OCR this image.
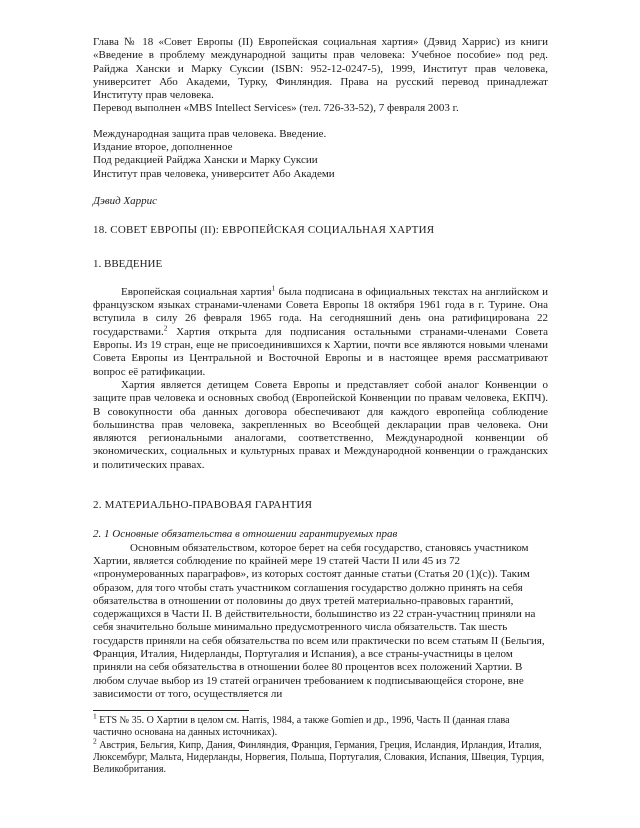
Глава № 18 «Совет Европы (II) Европейская социальная хартия» (Дэвид Харрис) из книги «Введение в проблему международной защиты прав человека: Учебное пособие» под ред. Райджа Хански и Марку Суксии (ISBN: 952-12-0247-5), 1999, Институт прав человека, университет Або Академи, Турку, Финляндия. Права на русский перевод принадлежат Институту прав человека.

Перевод выполнен «MBS Intellect Services» (тел. 726-33-52), 7 февраля 2003 г.

Международная защита прав человека. Введение.

Издание второе, дополненное

Под редакцией Райджа Хански и Марку Суксии

Институт прав человека, университет Або Академи

Дэвид Харрис

18. СОВЕТ ЕВРОПЫ (II): ЕВРОПЕЙСКАЯ СОЦИАЛЬНАЯ ХАРТИЯ

1. ВВЕДЕНИЕ

Европейская социальная хартия$^1$ была подписана в официальных текстах на английском и французском языках странами-членами Совета Европы 18 октября 1961 года в г. Турине. Она вступила в силу 26 февраля 1965 года. На сегодняшний день она ратифицирована 22 государствами.$^2$ Хартия открыта для подписания остальными странами-членами Совета Европы. Из 19 стран, еще не присоединившихся к Хартии, почти все являются новыми членами Совета Европы из Центральной и Восточной Европы и в настоящее время рассматривают вопрос её ратификации.

Хартия является детищем Совета Европы и представляет собой аналог Конвенции о защите прав человека и основных свобод (Европейской Конвенции по правам человека, ЕКПЧ). В совокупности оба данных договора обеспечивают для каждого европейца соблюдение большинства прав человека, закрепленных во Всеобщей декларации прав человека. Они являются региональными аналогами, соответственно, Международной конвенции об экономических, социальных и культурных правах и Международной конвенции о гражданских и политических правах.

2. МАТЕРИАЛЬНО-ПРАВОВАЯ ГАРАНТИЯ

2. 1 Основные обязательства в отношении гарантируемых прав

Основным обязательством, которое берет на себя государство, становясь участником Хартии, является соблюдение по крайней мере 19 статей Части II или 45 из 72 «пронумерованных параграфов», из которых состоят данные статьи (Статья 20 (1)(с)). Таким образом, для того чтобы стать участником соглашения государство должно принять на себя обязательства в отношении от половины до двух третей материально-правовых гарантий, содержащихся в Части II. В действительности, большинство из 22 стран-участниц приняли на себя значительно больше минимально предусмотренного числа обязательств. Так шесть государств приняли на себя обязательства по всем или практически по всем статьям II (Бельгия, Франция, Италия, Нидерланды, Португалия и Испания), а все страны-участницы в целом приняли на себя обязательства в отношении более 80 процентов всех положений Хартии. В любом случае выбор из 19 статей ограничен требованием к подписывающейся стороне, вне зависимости от того, осуществляется ли

$^1$ ETS № 35. О Хартии в целом см. Harris, 1984, а также Gomien и др., 1996, Часть II (данная глава частично основана на данных источниках).

$^2$ Австрия, Бельгия, Кипр, Дания, Финляндия, Франция, Германия, Греция, Исландия, Ирландия, Италия, Люксембург, Мальта, Нидерланды, Норвегия, Польша, Португалия, Словакия, Испания, Швеция, Турция, Великобритания.
